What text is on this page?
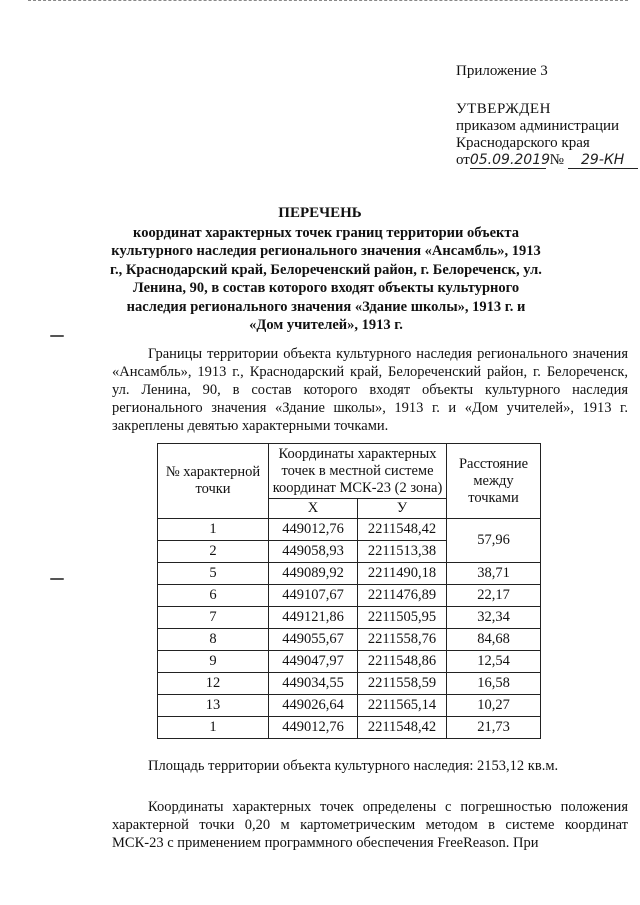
Приложение 3
УТВЕРЖДЕН
приказом администрации
Краснодарского края
от05.09.2019 № 29-КН
ПЕРЕЧЕНЬ
координат характерных точек границ территории объекта культурного наследия регионального значения «Ансамбль», 1913 г., Краснодарский край, Белореченский район, г. Белореченск, ул. Ленина, 90, в состав которого входят объекты культурного наследия регионального значения «Здание школы», 1913 г. и «Дом учителей», 1913 г.
Границы территории объекта культурного наследия регионального значения «Ансамбль», 1913 г., Краснодарский край, Белореченский район, г. Белореченск, ул. Ленина, 90, в состав которого входят объекты культурного наследия регионального значения «Здание школы», 1913 г. и «Дом учителей», 1913 г. закреплены девятью характерными точками.
№ характерной точки	Координаты характерных точек в местной системе координат МСК-23 (2 зона)		Расстояние между точками
	X	У	
1	449012,76	2211548,42	57,96
2	449058,93	2211513,38	
5	449089,92	2211490,18	38,71
6	449107,67	2211476,89	22,17
7	449121,86	2211505,95	32,34
8	449055,67	2211558,76	84,68
9	449047,97	2211548,86	12,54
12	449034,55	2211558,59	16,58
13	449026,64	2211565,14	10,27
1	449012,76	2211548,42	21,73
Площадь территории объекта культурного наследия: 2153,12 кв.м.
Координаты характерных точек определены с погрешностью положения характерной точки 0,20 м картометрическим методом в системе координат МСК-23 с применением программного обеспечения FreeReason. При
